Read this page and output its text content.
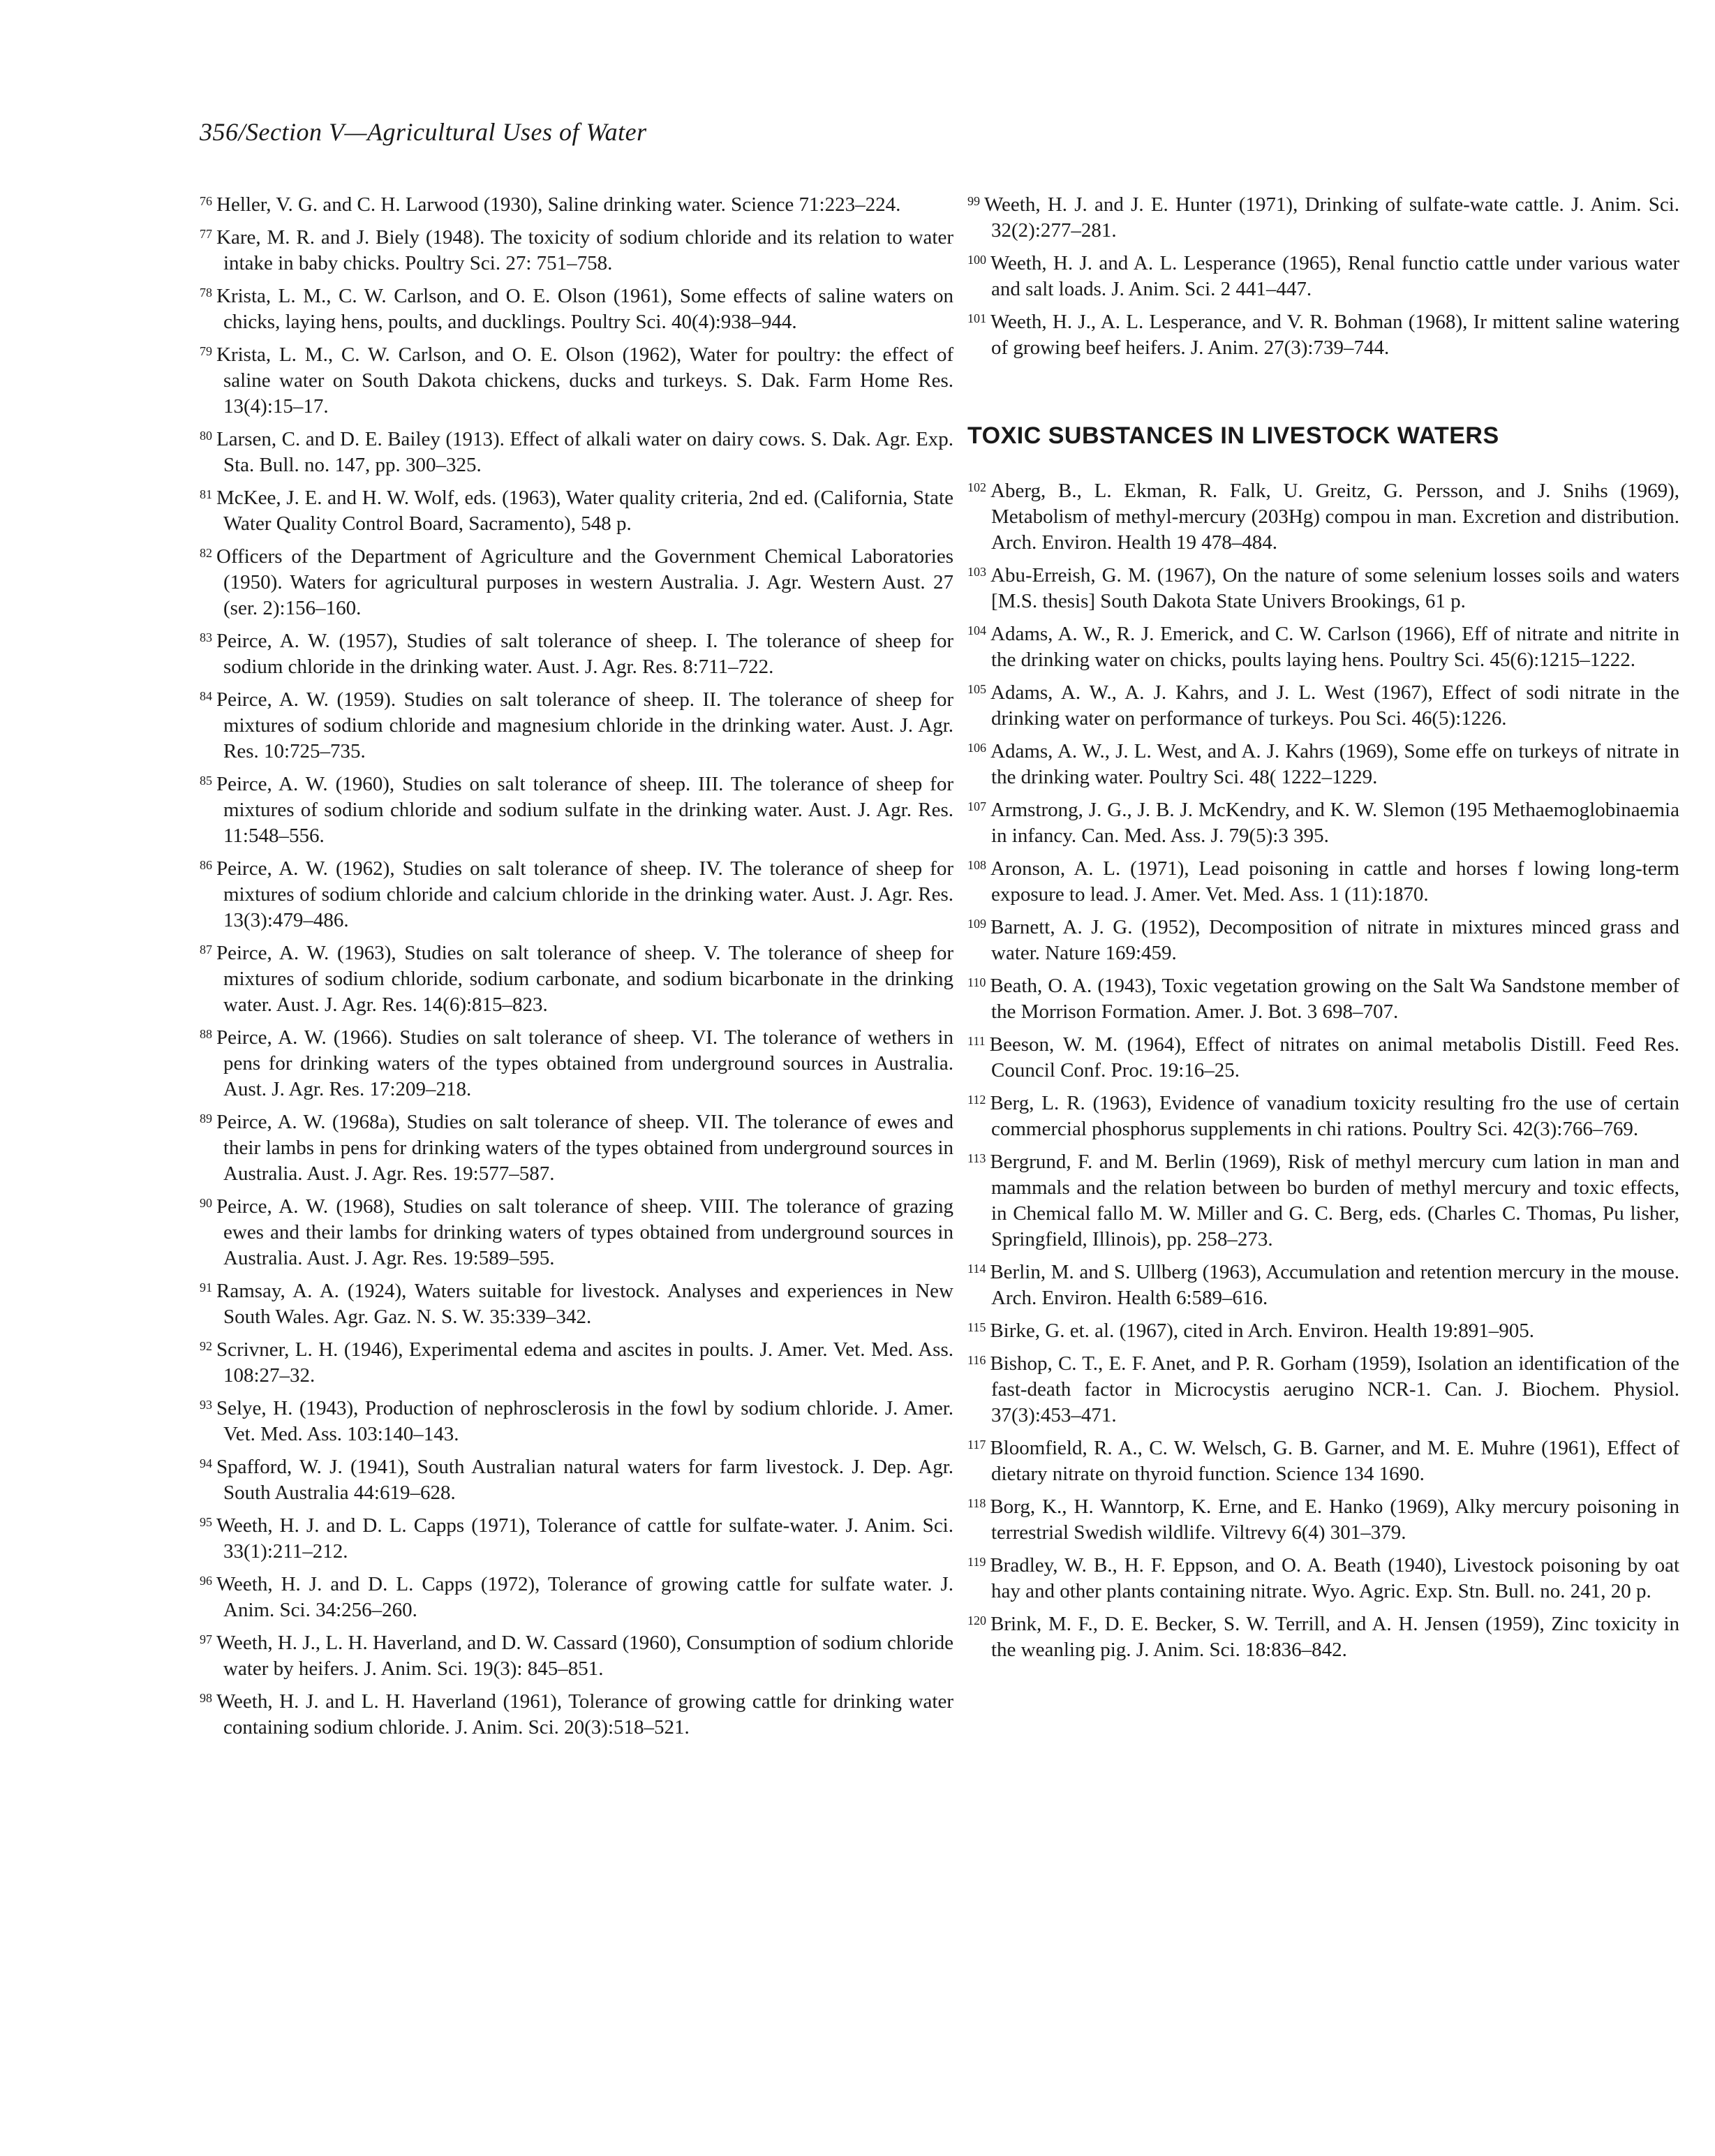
356/Section V—Agricultural Uses of Water

$^{76}$ Heller, V. G. and C. H. Larwood (1930), Saline drinking water. Science 71:223–224.

$^{77}$ Kare, M. R. and J. Biely (1948). The toxicity of sodium chloride and its relation to water intake in baby chicks. Poultry Sci. 27: 751–758.

$^{78}$ Krista, L. M., C. W. Carlson, and O. E. Olson (1961), Some effects of saline waters on chicks, laying hens, poults, and ducklings. Poultry Sci. 40(4):938–944.

$^{79}$ Krista, L. M., C. W. Carlson, and O. E. Olson (1962), Water for poultry: the effect of saline water on South Dakota chickens, ducks and turkeys. S. Dak. Farm Home Res. 13(4):15–17.

$^{80}$ Larsen, C. and D. E. Bailey (1913). Effect of alkali water on dairy cows. S. Dak. Agr. Exp. Sta. Bull. no. 147, pp. 300–325.

$^{81}$ McKee, J. E. and H. W. Wolf, eds. (1963), Water quality criteria, 2nd ed. (California, State Water Quality Control Board, Sacramento), 548 p.

$^{82}$ Officers of the Department of Agriculture and the Government Chemical Laboratories (1950). Waters for agricultural purposes in western Australia. J. Agr. Western Aust. 27 (ser. 2):156–160.

$^{83}$ Peirce, A. W. (1957), Studies of salt tolerance of sheep. I. The tolerance of sheep for sodium chloride in the drinking water. Aust. J. Agr. Res. 8:711–722.

$^{84}$ Peirce, A. W. (1959). Studies on salt tolerance of sheep. II. The tolerance of sheep for mixtures of sodium chloride and magnesium chloride in the drinking water. Aust. J. Agr. Res. 10:725–735.

$^{85}$ Peirce, A. W. (1960), Studies on salt tolerance of sheep. III. The tolerance of sheep for mixtures of sodium chloride and sodium sulfate in the drinking water. Aust. J. Agr. Res. 11:548–556.

$^{86}$ Peirce, A. W. (1962), Studies on salt tolerance of sheep. IV. The tolerance of sheep for mixtures of sodium chloride and calcium chloride in the drinking water. Aust. J. Agr. Res. 13(3):479–486.

$^{87}$ Peirce, A. W. (1963), Studies on salt tolerance of sheep. V. The tolerance of sheep for mixtures of sodium chloride, sodium carbonate, and sodium bicarbonate in the drinking water. Aust. J. Agr. Res. 14(6):815–823.

$^{88}$ Peirce, A. W. (1966). Studies on salt tolerance of sheep. VI. The tolerance of wethers in pens for drinking waters of the types obtained from underground sources in Australia. Aust. J. Agr. Res. 17:209–218.

$^{89}$ Peirce, A. W. (1968a), Studies on salt tolerance of sheep. VII. The tolerance of ewes and their lambs in pens for drinking waters of the types obtained from underground sources in Australia. Aust. J. Agr. Res. 19:577–587.

$^{90}$ Peirce, A. W. (1968), Studies on salt tolerance of sheep. VIII. The tolerance of grazing ewes and their lambs for drinking waters of types obtained from underground sources in Australia. Aust. J. Agr. Res. 19:589–595.

$^{91}$ Ramsay, A. A. (1924), Waters suitable for livestock. Analyses and experiences in New South Wales. Agr. Gaz. N. S. W. 35:339–342.

$^{92}$ Scrivner, L. H. (1946), Experimental edema and ascites in poults. J. Amer. Vet. Med. Ass. 108:27–32.

$^{93}$ Selye, H. (1943), Production of nephrosclerosis in the fowl by sodium chloride. J. Amer. Vet. Med. Ass. 103:140–143.

$^{94}$ Spafford, W. J. (1941), South Australian natural waters for farm livestock. J. Dep. Agr. South Australia 44:619–628.

$^{95}$ Weeth, H. J. and D. L. Capps (1971), Tolerance of cattle for sulfate-water. J. Anim. Sci. 33(1):211–212.

$^{96}$ Weeth, H. J. and D. L. Capps (1972), Tolerance of growing cattle for sulfate water. J. Anim. Sci. 34:256–260.

$^{97}$ Weeth, H. J., L. H. Haverland, and D. W. Cassard (1960), Consumption of sodium chloride water by heifers. J. Anim. Sci. 19(3): 845–851.

$^{98}$ Weeth, H. J. and L. H. Haverland (1961), Tolerance of growing cattle for drinking water containing sodium chloride. J. Anim. Sci. 20(3):518–521.

$^{99}$ Weeth, H. J. and J. E. Hunter (1971), Drinking of sulfate-wate cattle. J. Anim. Sci. 32(2):277–281.

$^{100}$ Weeth, H. J. and A. L. Lesperance (1965), Renal functio cattle under various water and salt loads. J. Anim. Sci. 2 441–447.

$^{101}$ Weeth, H. J., A. L. Lesperance, and V. R. Bohman (1968), Ir mittent saline watering of growing beef heifers. J. Anim. 27(3):739–744.

TOXIC SUBSTANCES IN LIVESTOCK WATERS

$^{102}$ Aberg, B., L. Ekman, R. Falk, U. Greitz, G. Persson, and J. Snihs (1969), Metabolism of methyl-mercury (203Hg) compou in man. Excretion and distribution. Arch. Environ. Health 19 478–484.

$^{103}$ Abu-Erreish, G. M. (1967), On the nature of some selenium losses soils and waters [M.S. thesis] South Dakota State Univers Brookings, 61 p.

$^{104}$ Adams, A. W., R. J. Emerick, and C. W. Carlson (1966), Eff of nitrate and nitrite in the drinking water on chicks, poults laying hens. Poultry Sci. 45(6):1215–1222.

$^{105}$ Adams, A. W., A. J. Kahrs, and J. L. West (1967), Effect of sodi nitrate in the drinking water on performance of turkeys. Pou Sci. 46(5):1226.

$^{106}$ Adams, A. W., J. L. West, and A. J. Kahrs (1969), Some effe on turkeys of nitrate in the drinking water. Poultry Sci. 48( 1222–1229.

$^{107}$ Armstrong, J. G., J. B. J. McKendry, and K. W. Slemon (195 Methaemoglobinaemia in infancy. Can. Med. Ass. J. 79(5):3 395.

$^{108}$ Aronson, A. L. (1971), Lead poisoning in cattle and horses f lowing long-term exposure to lead. J. Amer. Vet. Med. Ass. 1 (11):1870.

$^{109}$ Barnett, A. J. G. (1952), Decomposition of nitrate in mixtures minced grass and water. Nature 169:459.

$^{110}$ Beath, O. A. (1943), Toxic vegetation growing on the Salt Wa Sandstone member of the Morrison Formation. Amer. J. Bot. 3 698–707.

$^{111}$ Beeson, W. M. (1964), Effect of nitrates on animal metabolis Distill. Feed Res. Council Conf. Proc. 19:16–25.

$^{112}$ Berg, L. R. (1963), Evidence of vanadium toxicity resulting fro the use of certain commercial phosphorus supplements in chi rations. Poultry Sci. 42(3):766–769.

$^{113}$ Bergrund, F. and M. Berlin (1969), Risk of methyl mercury cum lation in man and mammals and the relation between bo burden of methyl mercury and toxic effects, in Chemical fallo M. W. Miller and G. C. Berg, eds. (Charles C. Thomas, Pu lisher, Springfield, Illinois), pp. 258–273.

$^{114}$ Berlin, M. and S. Ullberg (1963), Accumulation and retention mercury in the mouse. Arch. Environ. Health 6:589–616.

$^{115}$ Birke, G. et. al. (1967), cited in Arch. Environ. Health 19:891–905.

$^{116}$ Bishop, C. T., E. F. Anet, and P. R. Gorham (1959), Isolation an identification of the fast-death factor in Microcystis aerugino NCR-1. Can. J. Biochem. Physiol. 37(3):453–471.

$^{117}$ Bloomfield, R. A., C. W. Welsch, G. B. Garner, and M. E. Muhre (1961), Effect of dietary nitrate on thyroid function. Science 134 1690.

$^{118}$ Borg, K., H. Wanntorp, K. Erne, and E. Hanko (1969), Alky mercury poisoning in terrestrial Swedish wildlife. Viltrevy 6(4) 301–379.

$^{119}$ Bradley, W. B., H. F. Eppson, and O. A. Beath (1940), Livestock poisoning by oat hay and other plants containing nitrate. Wyo. Agric. Exp. Stn. Bull. no. 241, 20 p.

$^{120}$ Brink, M. F., D. E. Becker, S. W. Terrill, and A. H. Jensen (1959), Zinc toxicity in the weanling pig. J. Anim. Sci. 18:836–842.
